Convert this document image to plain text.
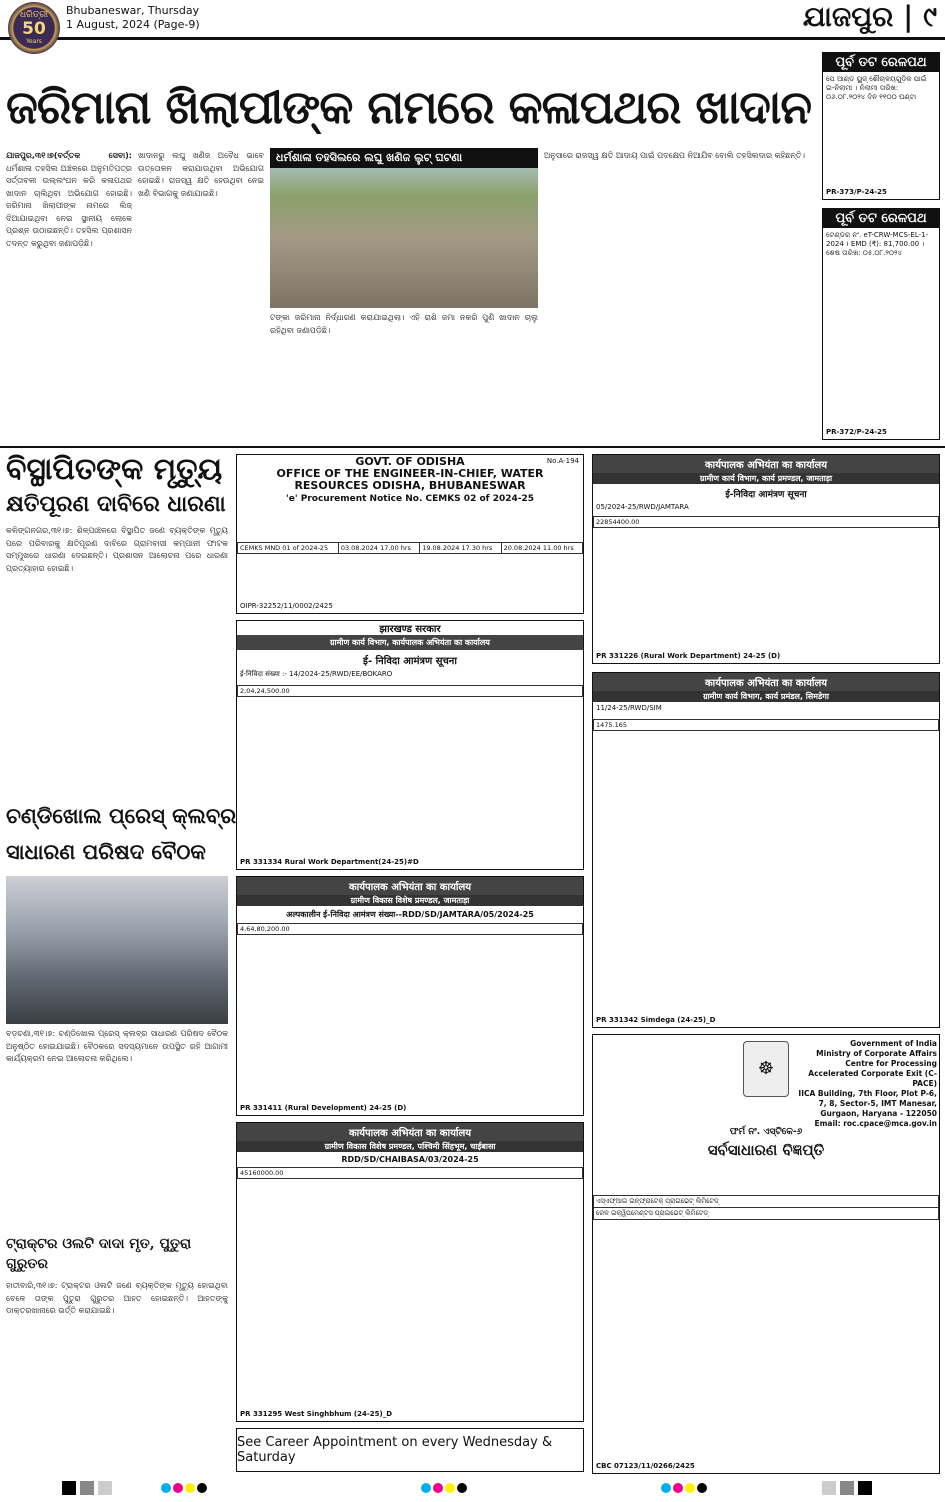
ଧରିତ୍ରୀ
50
Years
Bhubaneswar, Thursday
1 August, 2024 (Page-9)	ଯାଜପୁର | ୯
ଜରିମାନା ଖିଲାପୀଙ୍କ ନାମରେ କଳାପଥର ଖାଦାନ
ଯାଜପୁର,୩୧।୭(ବର୍ତ୍ତକ ସେବା): ଧର୍ମଶାଳା ତହସିଲ ଅଞ୍ଚଳରେ ଅନୁମତିପତ୍ର ସର୍ତ୍ତାବଳୀ ଉଲ୍ଲଂଘନ କରି କଳାପଥର ଖାଦାନ ଚାଲିଥିବା ଅଭିଯୋଗ ହୋଇଛି। ଜରିମାନା ଖିଲାପୀଙ୍କ ନାମରେ ଲିଜ୍ ଦିଆଯାଇଥିବା ନେଇ ସ୍ଥାନୀୟ ଲୋକେ ପ୍ରଶ୍ନ ଉଠାଇଛନ୍ତି। ତହସିଲ ପ୍ରଶାସନ ତଦନ୍ତ କରୁଥିବା ଜଣାପଡ଼ିଛି।
ଖାଦାନରୁ ଲଘୁ ଖଣିଜ ଅବୈଧ ଭାବେ ଉତ୍ତୋଳନ କରାଯାଉଥିବା ଅଭିଯୋଗ ହୋଇଛି। ରାଜସ୍ୱ କ୍ଷତି ହେଉଥିବା ନେଇ ଖଣି ବିଭାଗକୁ ଜଣାଯାଇଛି।
ଧର୍ମଶାଳା ତହସିଲରେ ଲଘୁ ଖଣିଜ ଲୁଟ୍ ଘଟଣା
ଟଙ୍କା ଜରିମାନା ନିର୍ଦ୍ଧାରଣ କରାଯାଇଥିଲା। ଏହି ରାଶି ଜମା ନକରି ପୁଣି ଖାଦାନ ଚାଲୁ ରହିଥିବା ଜଣାପଡ଼ିଛି।
ଅନୁସାରେ ରାଜସ୍ୱ କ୍ଷତି ଆଦାୟ ପାଇଁ ପଦକ୍ଷେପ ନିଆଯିବ ବୋଲି ତହସିଲଦାର କହିଛନ୍ତି।
ପୂର୍ବ ତଟ ରେଳପଥ
ପେ ଆଣ୍ଡ ୟୁଜ୍ ଶୌଚାଳୟଗୁଡ଼ିକ ପାଇଁ ଇ-ନିଲାମୀ । ନିଲାମୀ ତାରିଖ: ୦୬.୦୮.୨୦୨୪ ଦିନ ୧୧୦୦ ଘଣ୍ଟା
PR-373/P-24-25
ପୂର୍ବ ତଟ ରେଳପଥ
ଟେଣ୍ଡର ନଂ. eT-CRW-MCS-EL-1-2024 । EMD (₹): 81,700.00 । ଶେଷ ତାରିଖ: ୦୫.୦୮.୨୦୨୪
PR-372/P-24-25
ବିସ୍ଥାପିତଙ୍କ ମୃତ୍ୟୁ
କ୍ଷତିପୂରଣ ଦାବିରେ ଧାରଣା
କଳିଙ୍ଗନଗର,୩୧।୭: ଶିଳ୍ପାଞ୍ଚଳରେ ବିସ୍ଥାପିତ ଜଣେ ବ୍ୟକ୍ତିଙ୍କ ମୃତ୍ୟୁ ପରେ ପରିବାରକୁ କ୍ଷତିପୂରଣ ଦାବିରେ ଗ୍ରାମବାସୀ କମ୍ପାନୀ ଫାଟକ ସମ୍ମୁଖରେ ଧାରଣା ଦେଇଛନ୍ତି। ପ୍ରଶାସନ ଆଲୋଚନା ପରେ ଧାରଣା ପ୍ରତ୍ୟାହାର ହୋଇଛି।
ଚଣ୍ଡିଖୋଲ ପ୍ରେସ୍ କ୍ଲବ୍‌ର
ସାଧାରଣ ପରିଷଦ ବୈଠକ
ବଡ଼ଚଣା,୩୧।୭: ଚଣ୍ଡିଖୋଲ ପ୍ରେସ୍ କ୍ଲବ୍‌ର ସାଧାରଣ ପରିଷଦ ବୈଠକ ଅନୁଷ୍ଠିତ ହୋଇଯାଇଛି। ବୈଠକରେ ସଦସ୍ୟମାନେ ଉପସ୍ଥିତ ରହି ଆଗାମୀ କାର୍ଯ୍ୟକ୍ରମ ନେଇ ଆଲୋଚନା କରିଥିଲେ।
ଟ୍ରାକ୍ଟର ଓଲଟି ଦାଦା ମୃତ, ପୁତୁରା ଗୁରୁତର
ହାତୀବାରି,୩୧।୭: ଟ୍ରାକ୍ଟର ଓଲଟି ଜଣେ ବ୍ୟକ୍ତିଙ୍କ ମୃତ୍ୟୁ ହୋଇଥିବା ବେଳେ ତାଙ୍କ ପୁତୁରା ଗୁରୁତର ଆହତ ହୋଇଛନ୍ତି। ଆହତଙ୍କୁ ଡାକ୍ତରଖାନାରେ ଭର୍ତ୍ତି କରାଯାଇଛି।
GOVT. OF ODISHA
OFFICE OF THE ENGINEER-IN-CHIEF, WATER RESOURCES ODISHA, BHUBANESWAR
'e' Procurement Notice No. CEMKS 02 of 2024-25
No.A-194
CEMKS MND 01 of 2024-25	03.08.2024 17.00 hrs	19.08.2024 17.30 hrs	20.08.2024 11.00 hrs
OIPR-32252/11/0002/2425
झारखण्ड सरकार
ग्रामीण कार्य विभाग, कार्यपालक अभियंता का कार्यालय
ई- निविदा आमंत्रण सूचना
ई-निविदा संख्या :- 14/2024-25/RWD/EE/BOKARO
2,04,24,500.00
PR 331334 Rural Work Department(24-25)#D
कार्यपालक अभियंता का कार्यालय
ग्रामीण विकास विशेष प्रमण्डल, जामताड़ा
अल्पकालीन ई-निविदा आमंत्रण संख्या--RDD/SD/JAMTARA/05/2024-25
4,64,80,200.00
PR 331411 (Rural Development) 24-25 (D)
कार्यपालक अभियंता का कार्यालय
ग्रामीण विकास विशेष प्रमण्डल, पश्चिमी सिंहभूम, चाईबासा
RDD/SD/CHAIBASA/03/2024-25
45160000.00
PR 331295 West Singhbhum (24-25)_D
See Career Appointment on every Wednesday & Saturday
कार्यपालक अभियंता का कार्यालय
ग्रामीण कार्य विभाग, कार्य प्रमण्डल, जामताड़ा
ई-निविदा आमंत्रण सूचना
05/2024-25/RWD/JAMTARA
22854400.00
PR 331226 (Rural Work Department) 24-25 (D)
कार्यपालक अभियंता का कार्यालय
ग्रामीण कार्य विभाग, कार्य प्रमंडल, सिमडेगा
11/24-25/RWD/SIM
1475.165
PR 331342 Simdega (24-25)_D
☸
Government of India
Ministry of Corporate Affairs
Centre for Processing Accelerated Corporate Exit (C-PACE)
IICA Building, 7th Floor, Plot P-6, 7, 8, Sector-5, IMT Manesar, Gurgaon, Haryana - 122050
Email: roc.cpace@mca.gov.in
ଫର୍ମ ନଂ. ଏସ୍‌ଟିକେ-୬
ସର୍ବସାଧାରଣ ବିଜ୍ଞପ୍ତି
ଏସ୍‌ଏଫ୍‌ଆଇ ଇନ୍‌ଫ୍ରାଟେକ୍ ପ୍ରାଇଭେଟ୍ ଲିମିଟେଡ୍
ରେଳ ଇକ୍ୱିପମେଣ୍ଟସ ପ୍ରାଇଭେଟ୍ ଲିମିଟେଡ୍
CBC 07123/11/0266/2425
